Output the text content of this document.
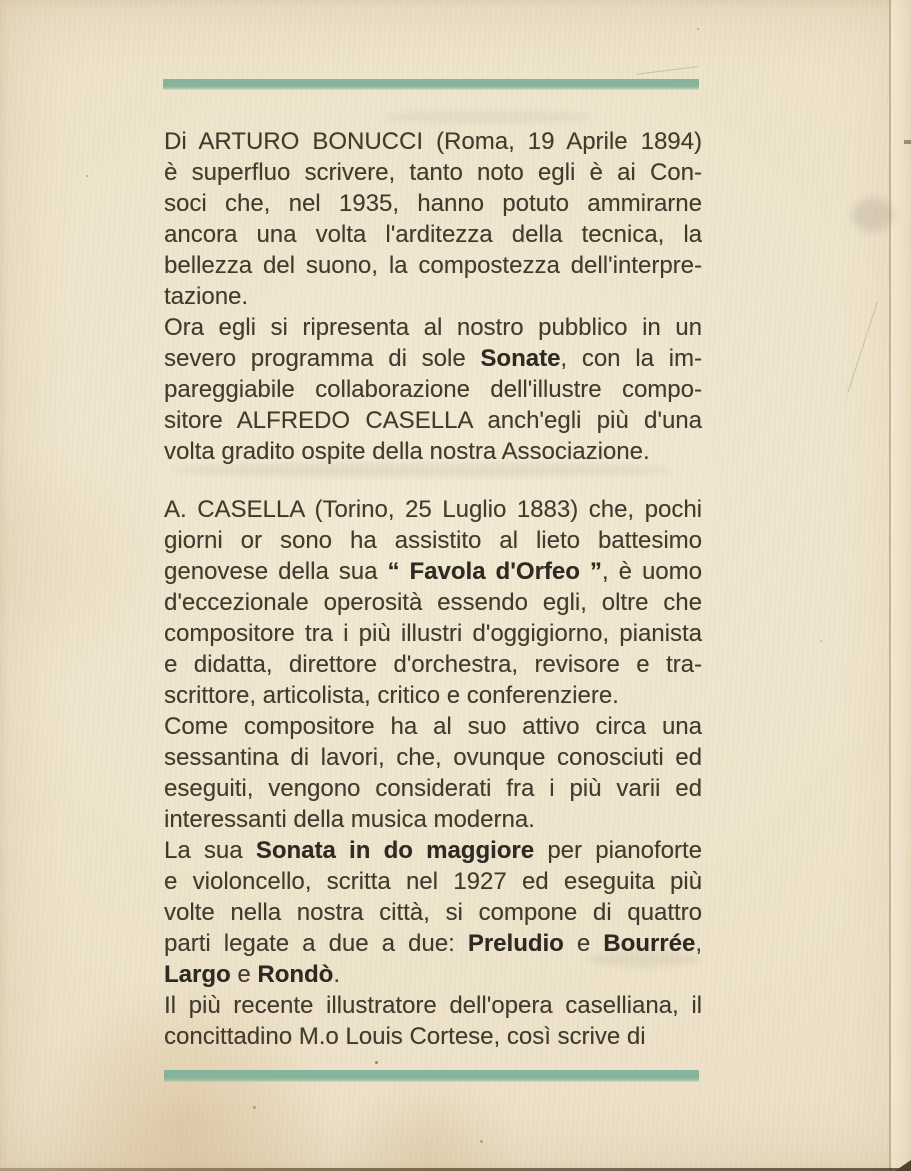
Di ARTURO BONUCCI (Roma, 19 Aprile 1894)
è superfluo scrivere, tanto noto egli è ai Con-
soci che, nel 1935, hanno potuto ammirarne
ancora una volta l'arditezza della tecnica, la
bellezza del suono, la compostezza dell'interpre-
tazione.
Ora egli si ripresenta al nostro pubblico in un
severo programma di sole Sonate, con la im-
pareggiabile collaborazione dell'illustre compo-
sitore ALFREDO CASELLA anch'egli più d'una
volta gradito ospite della nostra Associazione.
A. CASELLA (Torino, 25 Luglio 1883) che, pochi
giorni or sono ha assistito al lieto battesimo
genovese della sua “ Favola d'Orfeo ”, è uomo
d'eccezionale operosità essendo egli, oltre che
compositore tra i più illustri d'oggigiorno, pianista
e didatta, direttore d'orchestra, revisore e tra-
scrittore, articolista, critico e conferenziere.
Come compositore ha al suo attivo circa una
sessantina di lavori, che, ovunque conosciuti ed
eseguiti, vengono considerati fra i più varii ed
interessanti della musica moderna.
La sua Sonata in do maggiore per pianoforte
e violoncello, scritta nel 1927 ed eseguita più
volte nella nostra città, si compone di quattro
parti legate a due a due: Preludio e Bourrée,
Largo e Rondò.
Il più recente illustratore dell'opera caselliana, il
concittadino M.o Louis Cortese, così scrive di
